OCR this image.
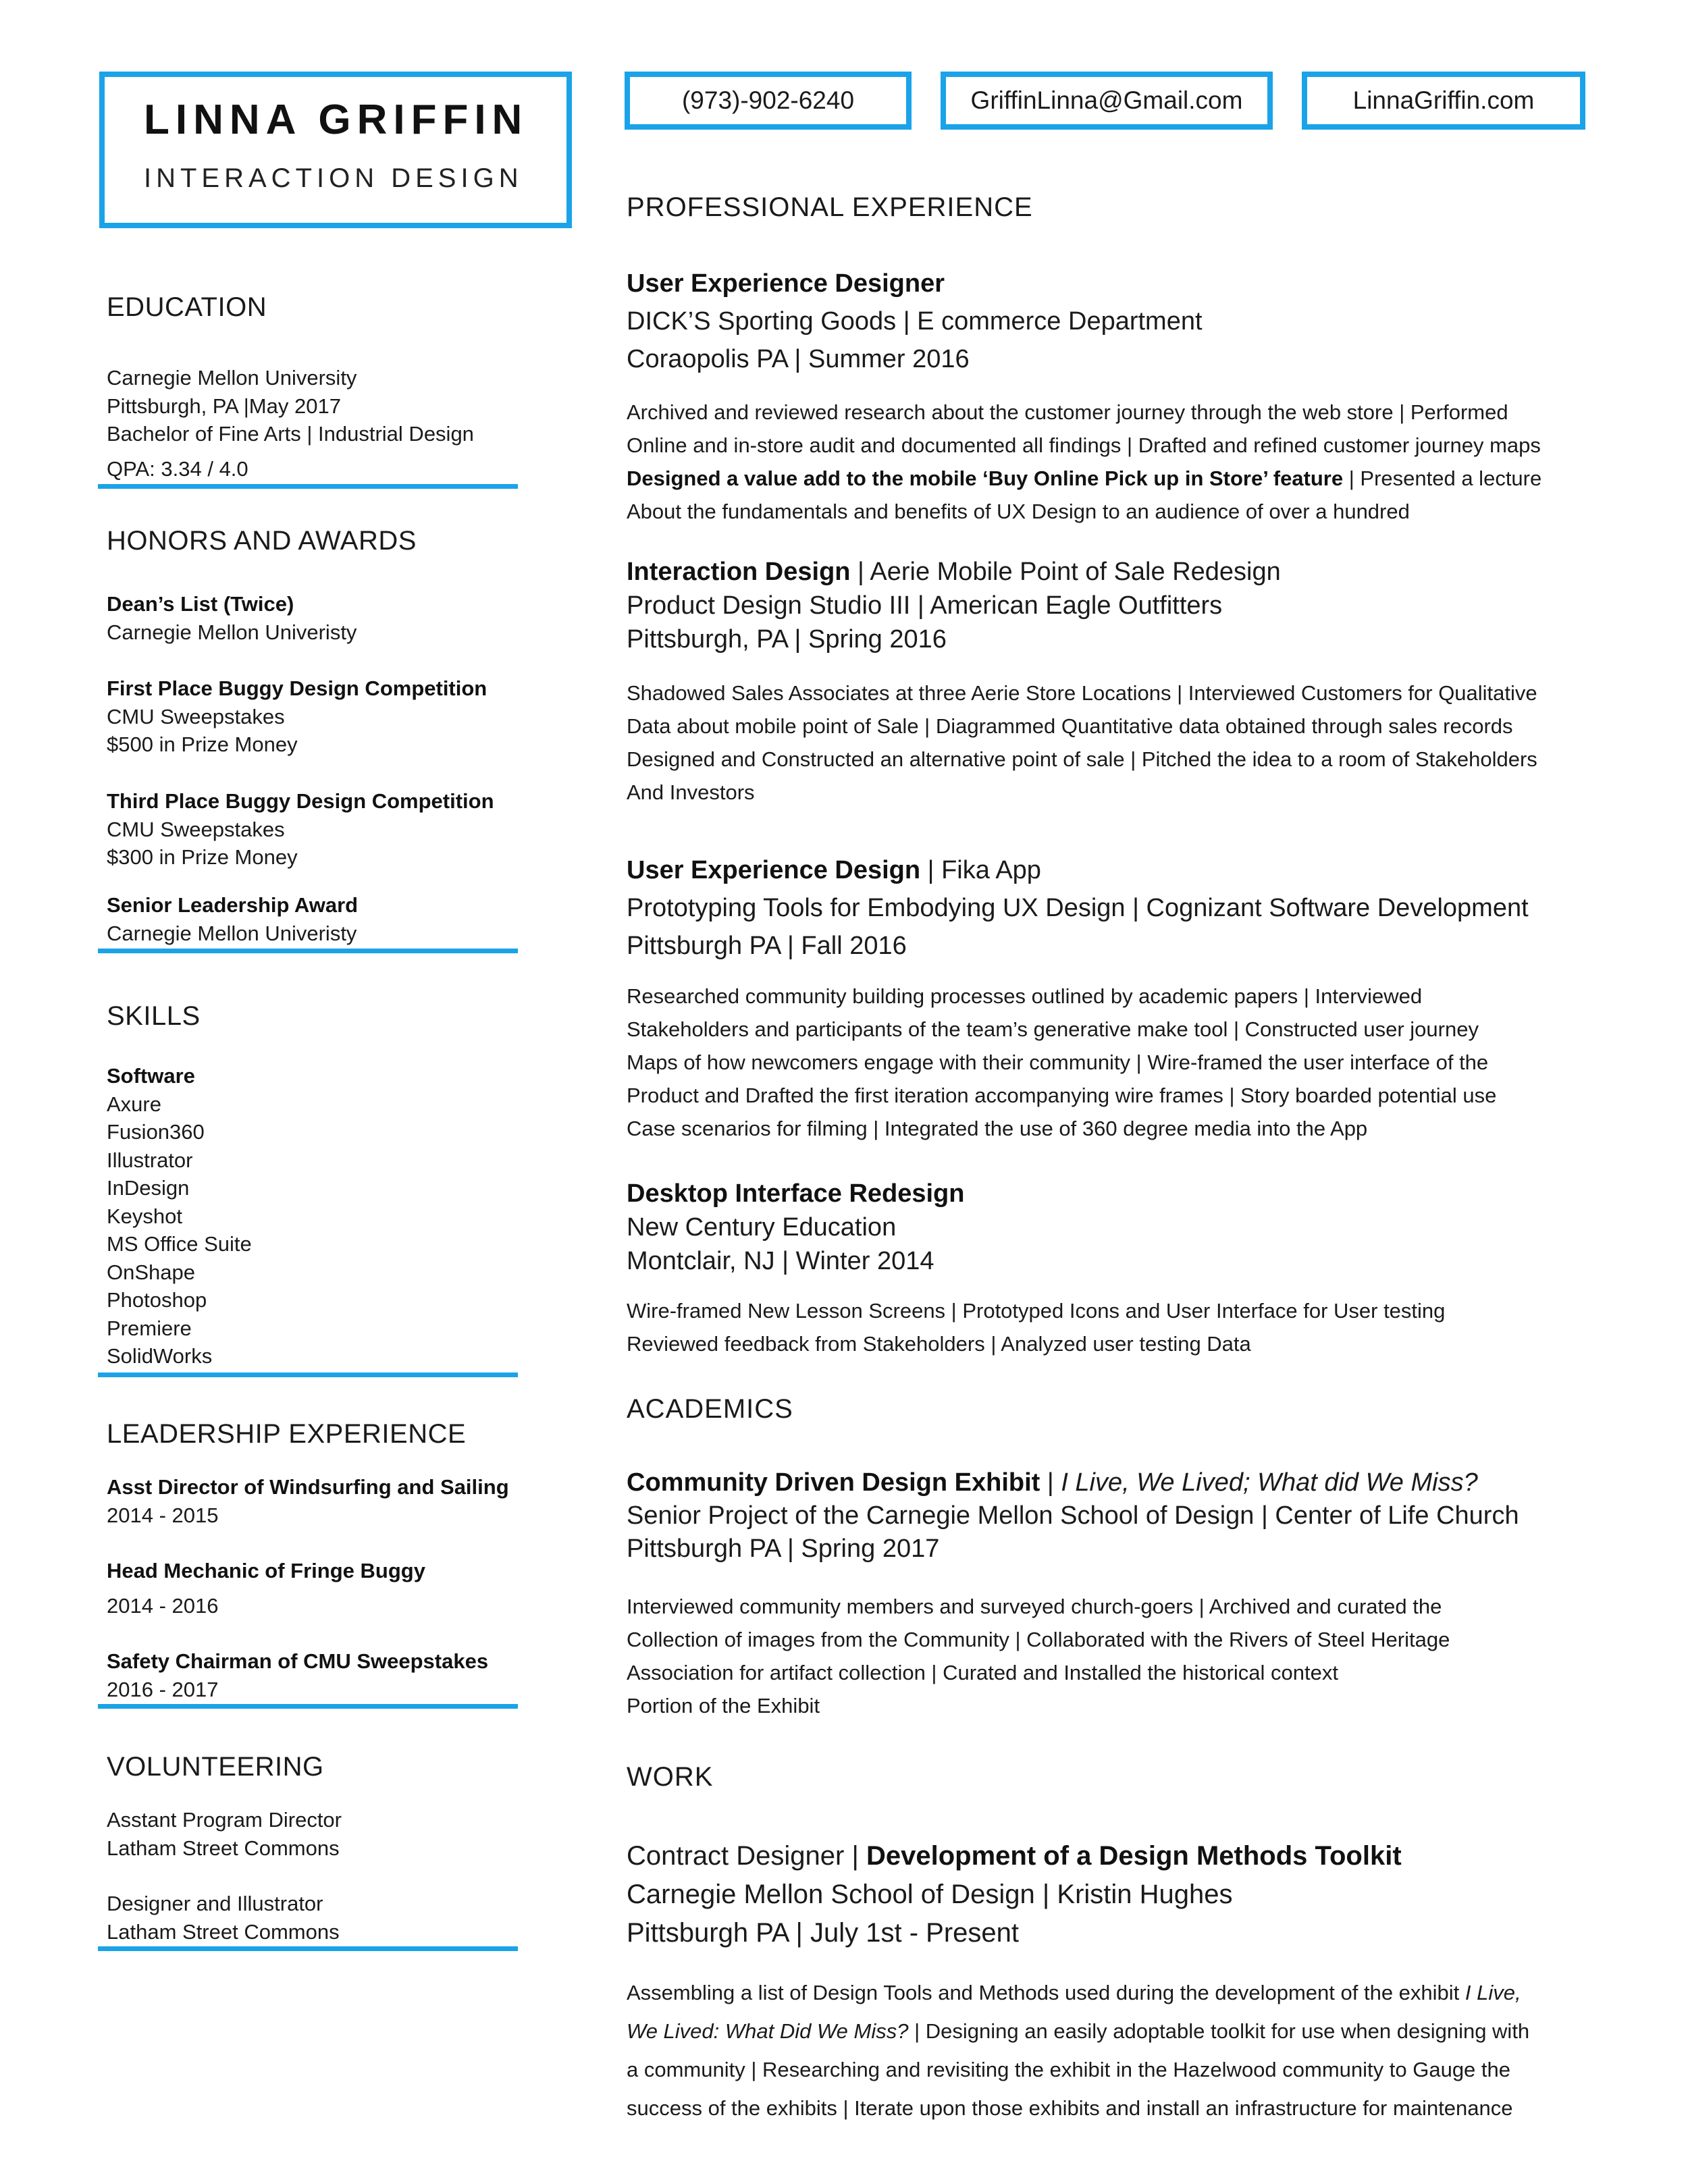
LINNA GRIFFIN
INTERACTION DESIGN
(973)-902-6240	GriffinLinna@Gmail.com	LinnaGriffin.com
EDUCATION
Carnegie Mellon University
Pittsburgh, PA |May 2017
Bachelor of Fine Arts | Industrial Design
QPA: 3.34 / 4.0
HONORS AND AWARDS
Dean’s List (Twice)
Carnegie Mellon Univeristy
First Place Buggy Design Competition
CMU Sweepstakes
$500 in Prize Money
Third Place Buggy Design Competition
CMU Sweepstakes
$300 in Prize Money
Senior Leadership Award
Carnegie Mellon Univeristy
SKILLS
Software
Axure
Fusion360
Illustrator
InDesign
Keyshot
MS Office Suite
OnShape
Photoshop
Premiere
SolidWorks
LEADERSHIP EXPERIENCE
Asst Director of Windsurfing and Sailing
2014 - 2015
Head Mechanic of Fringe Buggy
2014 - 2016
Safety Chairman of CMU Sweepstakes
2016 - 2017
VOLUNTEERING
Asstant Program Director
Latham Street Commons
Designer and Illustrator
Latham Street Commons
PROFESSIONAL EXPERIENCE
User Experience Designer
DICK’S Sporting Goods | E commerce Department
Coraopolis PA | Summer 2016
Archived and reviewed research about the customer journey through the web store | Performed
Online and in-store audit and documented all findings | Drafted and refined customer journey maps
Designed a value add to the mobile ‘Buy Online Pick up in Store’ feature | Presented a lecture
About the fundamentals and benefits of UX Design to an audience of over a hundred
Interaction Design | Aerie Mobile Point of Sale Redesign
Product Design Studio III | American Eagle Outfitters
Pittsburgh, PA | Spring 2016
Shadowed Sales Associates at three Aerie Store Locations | Interviewed Customers for Qualitative
Data about mobile point of Sale | Diagrammed Quantitative data obtained through sales records
Designed and Constructed an alternative point of sale | Pitched the idea to a room of Stakeholders
And Investors
User Experience Design | Fika App
Prototyping Tools for Embodying UX Design | Cognizant Software Development
Pittsburgh PA | Fall 2016
Researched community building processes outlined by academic papers | Interviewed
Stakeholders and participants of the team’s generative make tool | Constructed user journey
Maps of how newcomers engage with their community | Wire-framed the user interface of the
Product and Drafted the first iteration accompanying wire frames | Story boarded potential use
Case scenarios for filming | Integrated the use of 360 degree media into the App
Desktop Interface Redesign
New Century Education
Montclair, NJ | Winter 2014
Wire-framed New Lesson Screens | Prototyped Icons and User Interface for User testing
Reviewed feedback from Stakeholders | Analyzed user testing Data
ACADEMICS
Community Driven Design Exhibit | I Live, We Lived; What did We Miss?
Senior Project of the Carnegie Mellon School of Design | Center of Life Church
Pittsburgh PA | Spring 2017
Interviewed community members and surveyed church-goers | Archived and curated the
Collection of images from the Community | Collaborated with the Rivers of Steel Heritage
Association for artifact collection | Curated and Installed the historical context
Portion of the Exhibit
WORK
Contract Designer | Development of a Design Methods Toolkit
Carnegie Mellon School of Design | Kristin Hughes
Pittsburgh PA | July 1st - Present
Assembling a list of Design Tools and Methods used during the development of the exhibit I Live,
We Lived: What Did We Miss? | Designing an easily adoptable toolkit for use when designing with
a community | Researching and revisiting the exhibit in the Hazelwood community to Gauge the
success of the exhibits | Iterate upon those exhibits and install an infrastructure for maintenance
